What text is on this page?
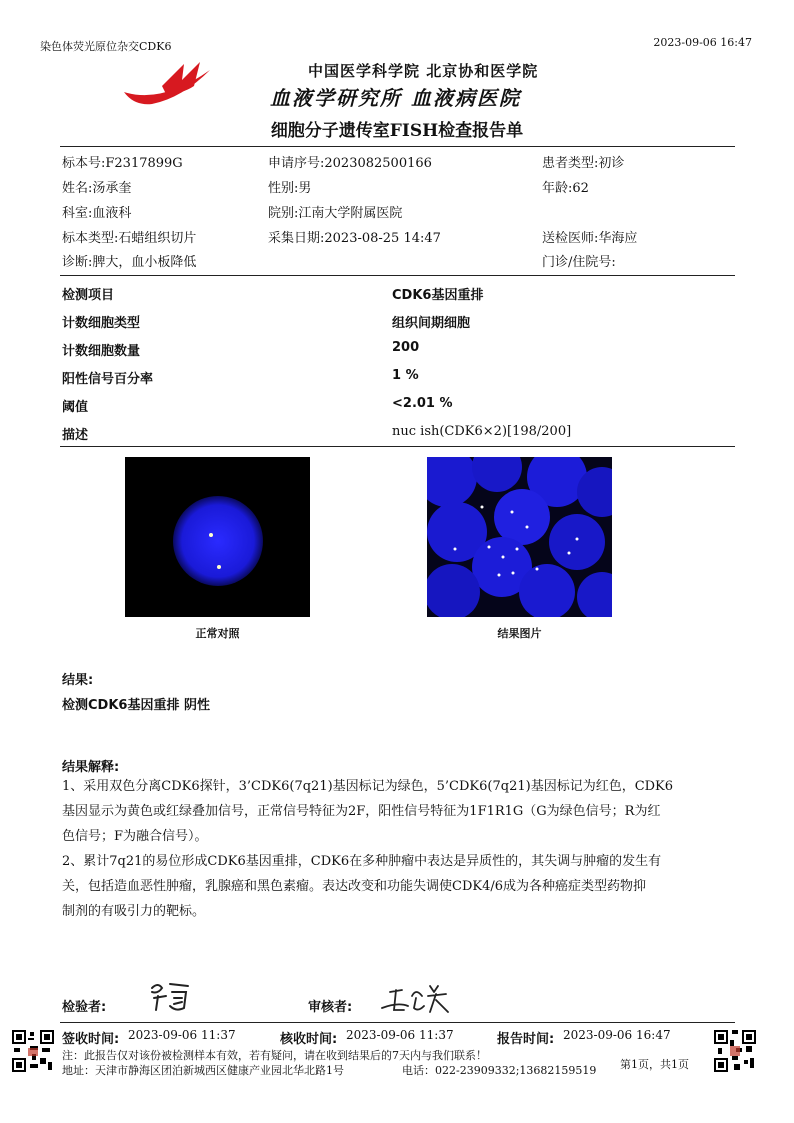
染色体荧光原位杂交CDK6	2023-09-06 16:47
中国医学科学院 北京协和医学院
血液学研究所 血液病医院
细胞分子遗传室FISH检查报告单
标本号:F2317899G	申请序号:2023082500166	患者类型:初诊
姓名:汤承奎	性别:男	年龄:62
科室:血液科	院别:江南大学附属医院
标本类型:石蜡组织切片	采集日期:2023-08-25 14:47	送检医师:华海应
诊断:脾大，血小板降低	门诊/住院号:
检测项目	CDK6基因重排
计数细胞类型	组织间期细胞
计数细胞数量	200
阳性信号百分率	1 %
阈值	<2.01 %
描述	nuc ish(CDK6×2)[198/200]
正常对照	结果图片
结果:
检测CDK6基因重排 阴性
结果解释:
1、采用双色分离CDK6探针，3’CDK6(7q21)基因标记为绿色，5’CDK6(7q21)基因标记为红色，CDK6
基因显示为黄色或红绿叠加信号，正常信号特征为2F，阳性信号特征为1F1R1G（G为绿色信号；R为红
色信号；F为融合信号）。
2、累计7q21的易位形成CDK6基因重排，CDK6在多种肿瘤中表达是异质性的，其失调与肿瘤的发生有
关，包括造血恶性肿瘤，乳腺癌和黑色素瘤。表达改变和功能失调使CDK4/6成为各种癌症类型药物抑
制剂的有吸引力的靶标。
检验者:	审核者:
签收时间: 2023-09-06 11:37	核收时间: 2023-09-06 11:37	报告时间: 2023-09-06 16:47
注：此报告仅对该份被检测样本有效，若有疑问，请在收到结果后的7天内与我们联系！
地址：天津市静海区团泊新城西区健康产业园北华北路1号	电话：022-23909332;13682159519 第1页，共1页
